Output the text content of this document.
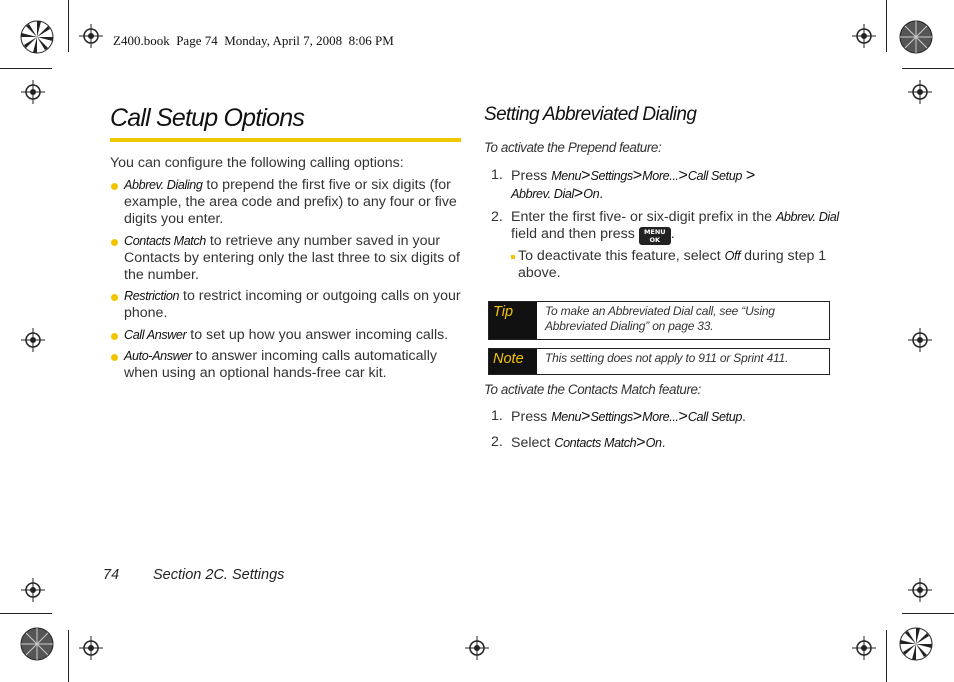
Z400.book  Page 74  Monday, April 7, 2008  8:06 PM
Call Setup Options
You can configure the following calling options:
Abbrev. Dialing to prepend the first five or six digits (for example, the area code and prefix) to any four or five digits you enter.
Contacts Match to retrieve any number saved in your Contacts by entering only the last three to six digits of the number.
Restriction to restrict incoming or outgoing calls on your phone.
Call Answer to set up how you answer incoming calls.
Auto-Answer to answer incoming calls automatically when using an optional hands-free car kit.
Setting Abbreviated Dialing
To activate the Prepend feature:
1. Press Menu>Settings>More...>Call Setup >
Abbrev. Dial>On.
2. Enter the first five- or six-digit prefix in the Abbrev. Dial field and then press MENU
OK .
To deactivate this feature, select Off during step 1 above.
Tip	To make an Abbreviated Dial call, see “Using Abbreviated Dialing” on page 33.
Note	This setting does not apply to 911 or Sprint 411.
To activate the Contacts Match feature:
1. Press Menu>Settings>More...>Call Setup.
2. Select Contacts Match>On.
74 Section 2C. Settings
